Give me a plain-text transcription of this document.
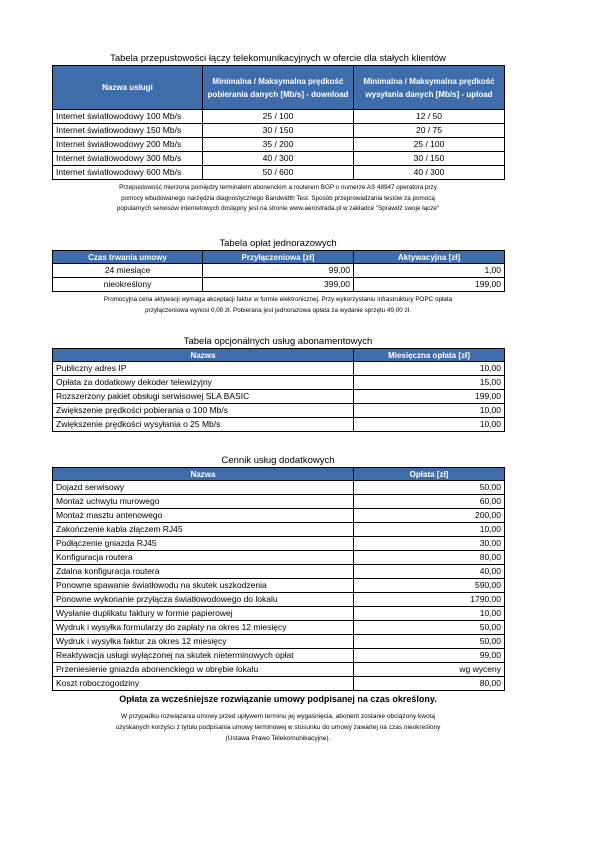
Tabela przepustowości łączy telekomunikacyjnych w ofercie dla stałych klientów
Nazwa usługi	Minimalna / Maksymalna prędkość pobierania danych [Mb/s] - download	Minimalna / Maksymalna prędkość wysyłania danych [Mb/s] - upload
Internet światłowodowy 100 Mb/s	25 / 100	12 / 50
Internet światłowodowy 150 Mb/s	30 / 150	20 / 75
Internet światłowodowy 200 Mb/s	35 / 200	25 / 100
Internet światłowodowy 300 Mb/s	40 / 300	30 / 150
Internet światłowodowy 600 Mb/s	50 / 600	40 / 300
Przepustowość mierzona pomiędzy terminalem abonenckim a routerem BGP o numerze AS 48947 operatora przy
pomocy wbudowanego narzędzia diagnostycznego Bandwidth Test. Sposób przeprowadzania testów za pomocą
popularnych serwisów internetowych dostępny jest na stronie www.aerostrada.pl w zakładce "Sprawdź swoje łącze"
Tabela opłat jednorazowych
Czas trwania umowy	Przyłączeniowa [zł]	Aktywacyjna [zł]
24 miesiące	99,00	1,00
nieokreślony	399,00	199,00
Promocyjna cena aktywacji wymaga akceptacji faktur w formie elektronicznej. Przy wykorzystaniu infrastruktury POPC opłata
przyłączeniowa wynosi 0,00 zł. Pobierana jest jednorazowa opłata za wydanie sprzętu 49,00 zł.
Tabela opcjonalnych usług abonamentowych
Nazwa	Miesięczna opłata [zł]
Publiczny adres IP	10,00
Opłata za dodatkowy dekoder telewizyjny	15,00
Rozszerzony pakiet obsługi serwisowej SLA BASIC	199,00
Zwiększenie prędkości pobierania o 100 Mb/s	10,00
Zwiększenie prędkości wysyłania o 25 Mb/s	10,00
Cennik usług dodatkowych
Nazwa	Opłata [zł]
Dojazd serwisowy	50,00
Montaż uchwytu murowego	60,00
Montaż masztu antenowego	200,00
Zakończenie kabla złączem RJ45	10,00
Podłączenie gniazda RJ45	30,00
Konfiguracja routera	80,00
Zdalna konfiguracja routera	40,00
Ponowne spawanie światłowodu na skutek uszkodzenia	590,00
Ponowne wykonanie przyłącza światłowodowego do lokalu	1790,00
Wysłanie duplikatu faktury w formie papierowej	10,00
Wydruk i wysyłka formularzy do zapłaty na okres 12 miesięcy	50,00
Wydruk i wysyłka faktur za okres 12 miesięcy	50,00
Reaktywacja usługi wyłączonej na skutek nieterminowych opłat	99,00
Przeniesienie gniazda abonenckiego w obrębie lokalu	wg wyceny
Koszt roboczogodziny	80,00
Opłata za wcześniejsze rozwiązanie umowy podpisanej na czas określony.
W przypadku rozwiązania umowy przed upływem terminu jej wygaśnięcia, abonent zostanie obciążony kwotą
uzyskanych korzyści z tytułu podpisania umowy terminowej w stosunku do umowy zawartej na czas nieokreślony
(Ustawa Prawo Telekomunikacyjne).
